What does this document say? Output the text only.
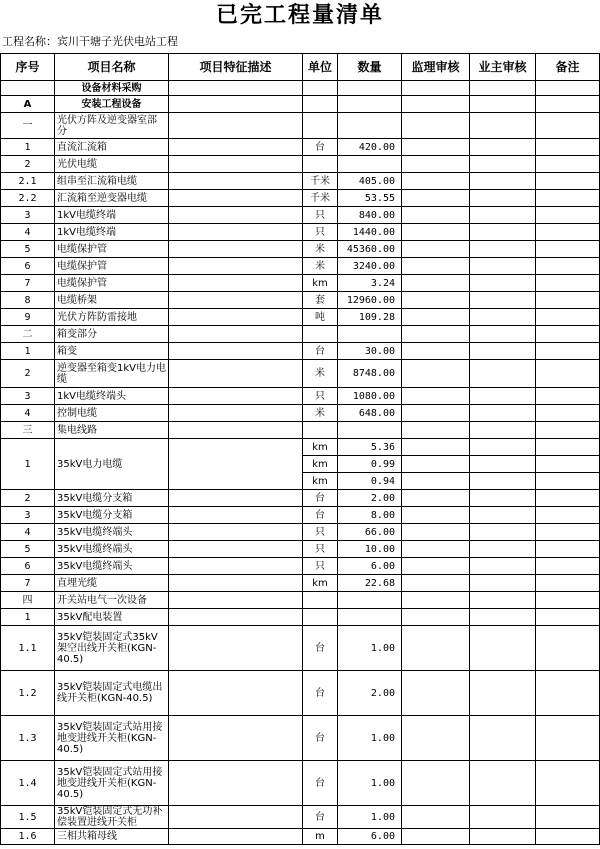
已完工程量清单
工程名称：宾川干塘子光伏电站工程
序号	项目名称	项目特征描述	单位	数量	监理审核	业主审核	备注
	设备材料采购						
A	安装工程设备						
一	光伏方阵及逆变器室部分						
1	直流汇流箱		台	420.00			
2	光伏电缆						
2.1	组串至汇流箱电缆		千米	405.00			
2.2	汇流箱至逆变器电缆		千米	53.55			
3	1kV电缆终端		只	840.00			
4	1kV电缆终端		只	1440.00			
5	电缆保护管		米	45360.00			
6	电缆保护管		米	3240.00			
7	电缆保护管		km	3.24			
8	电缆桥架		套	12960.00			
9	光伏方阵防雷接地		吨	109.28			
二	箱变部分						
1	箱变		台	30.00			
2	逆变器至箱变1kV电力电缆		米	8748.00			
3	1kV电缆终端头		只	1080.00			
4	控制电缆		米	648.00			
三	集电线路						
1	35kV电力电缆		km	5.36			
			km	0.99			
			km	0.94			
2	35kV电缆分支箱		台	2.00			
3	35kV电缆分支箱		台	8.00			
4	35kV电缆终端头		只	66.00			
5	35kV电缆终端头		只	10.00			
6	35kV电缆终端头		只	6.00			
7	直埋光缆		km	22.68			
四	开关站电气一次设备						
1	35kV配电装置						
1.1	35kV铠装固定式35kV架空出线开关柜(KGN-40.5)		台	1.00			
1.2	35kV铠装固定式电缆出线开关柜(KGN-40.5)		台	2.00			
1.3	35kV铠装固定式站用接地变进线开关柜(KGN-40.5)		台	1.00			
1.4	35kV铠装固定式站用接地变进线开关柜(KGN-40.5)		台	1.00			
1.5	35kV铠装固定式无功补偿装置进线开关柜		台	1.00			
1.6	三相共箱母线		m	6.00			
